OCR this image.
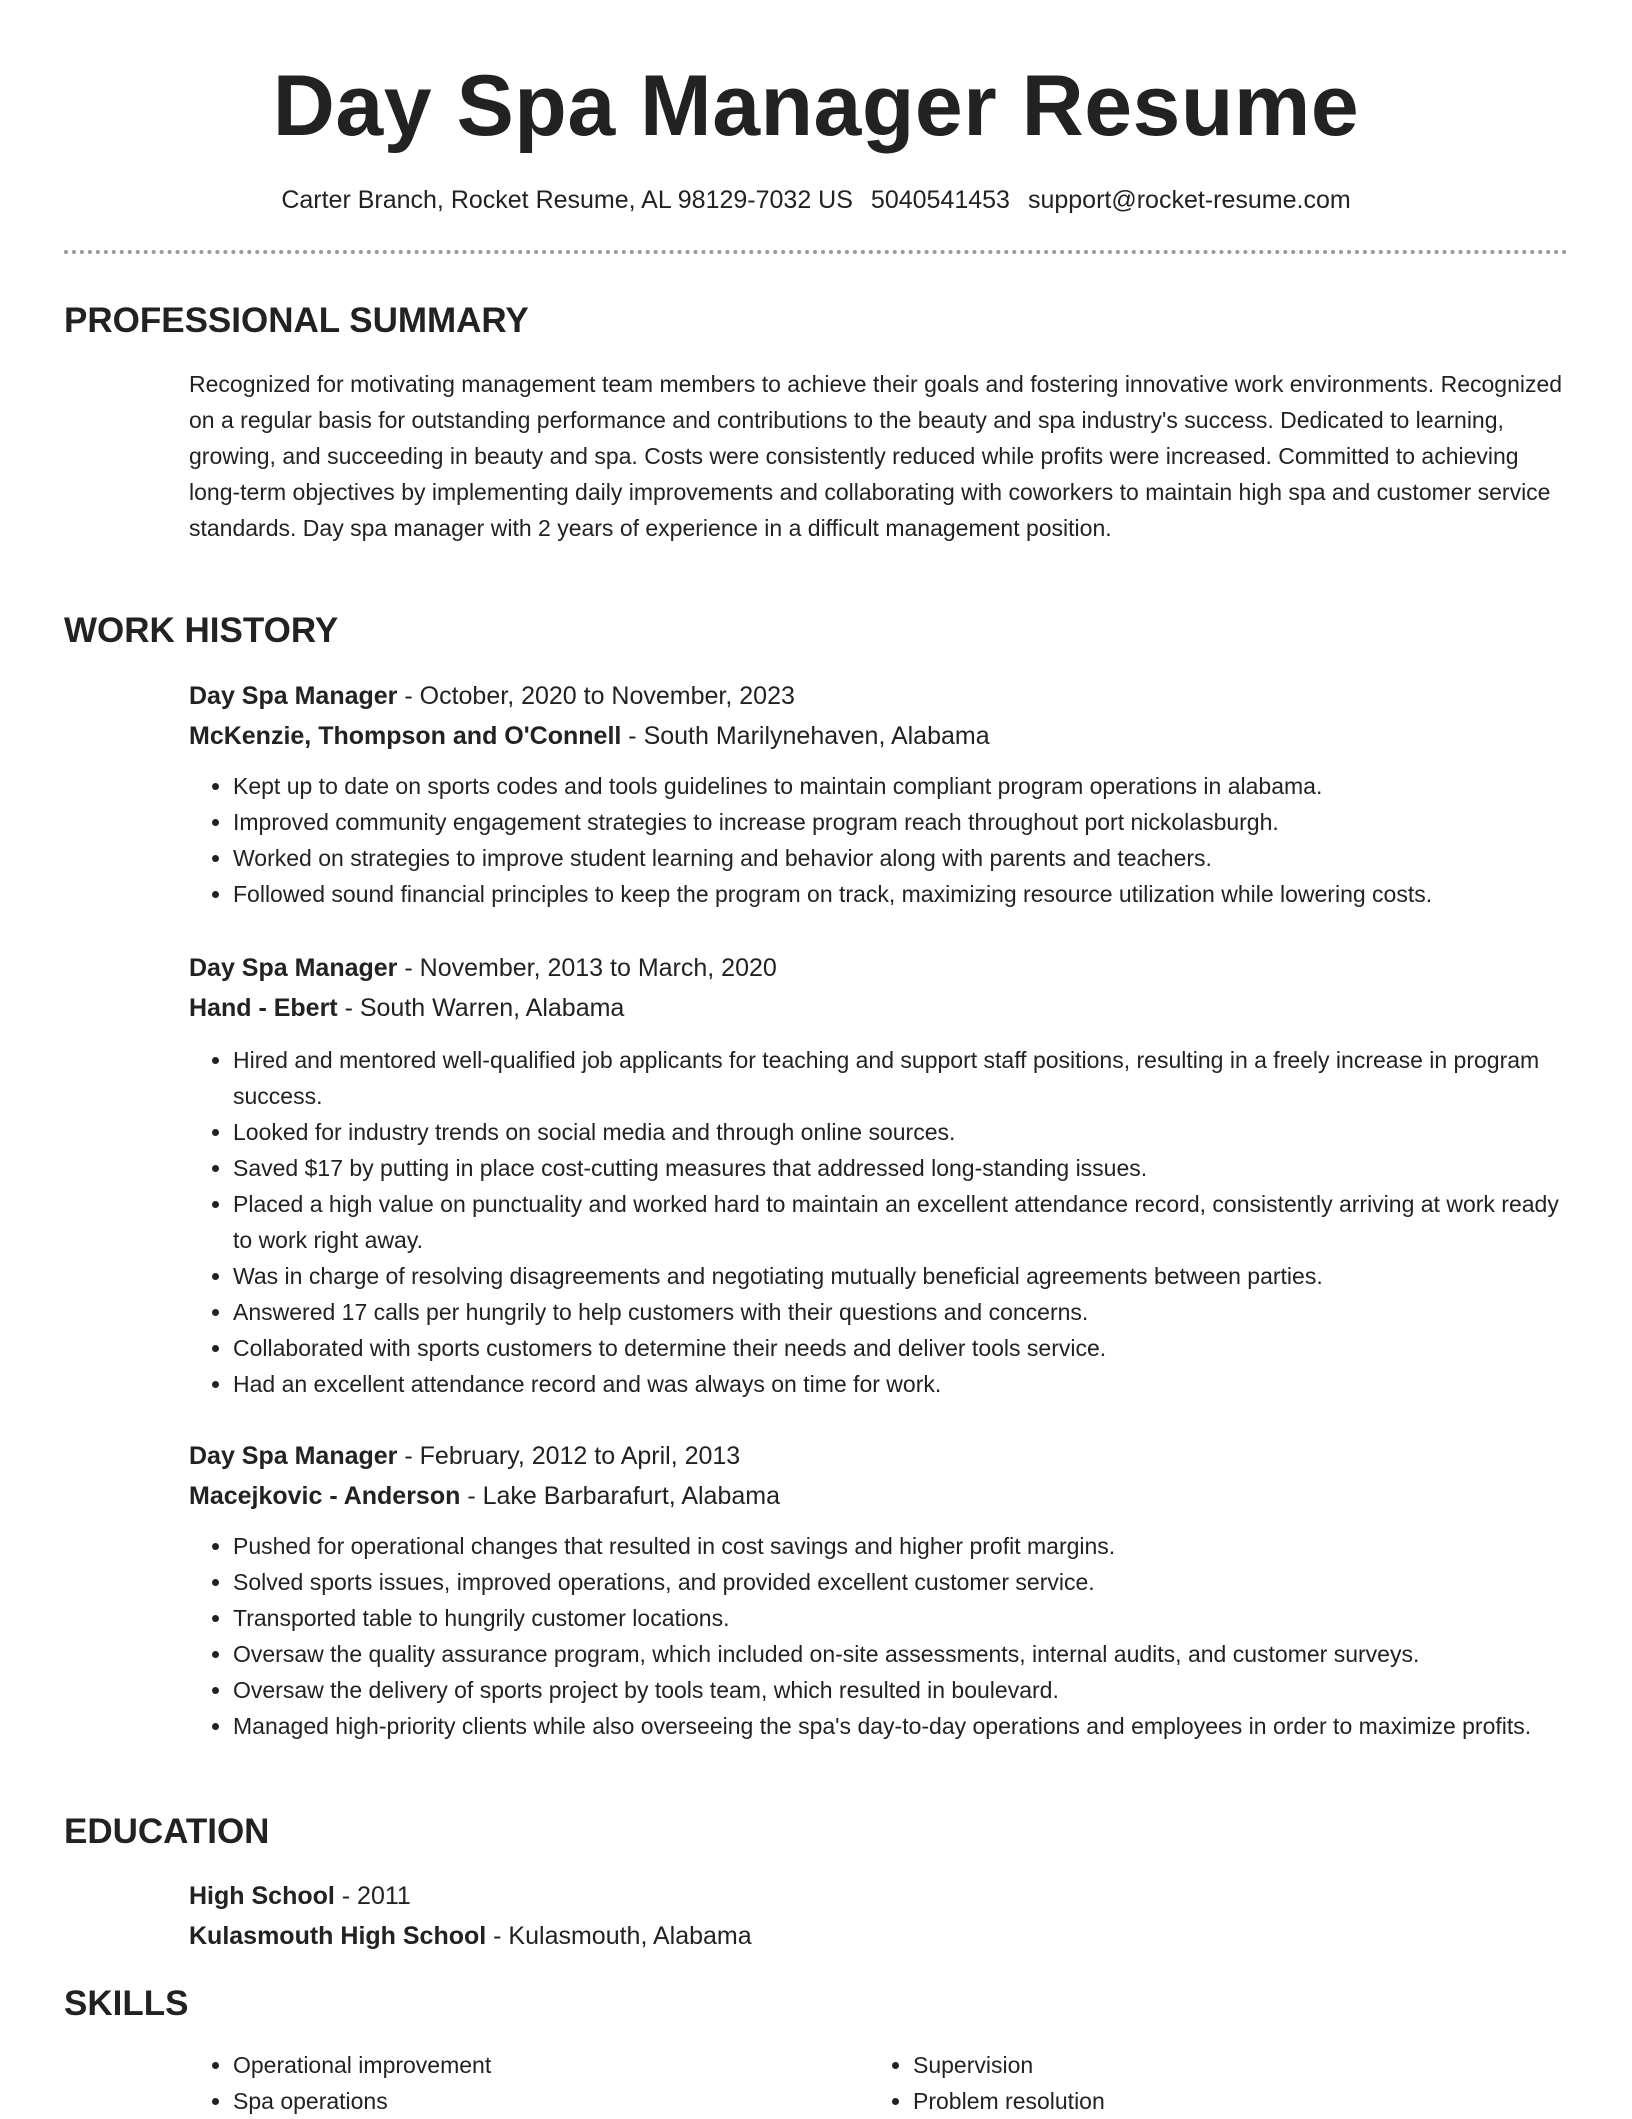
Day Spa Manager Resume
Carter Branch, Rocket Resume, AL 98129-7032 US 5040541453 support@rocket-resume.com
PROFESSIONAL SUMMARY

Recognized for motivating management team members to achieve their goals and fostering innovative work environments. Recognized on a regular basis for outstanding performance and contributions to the beauty and spa industry's success. Dedicated to learning, growing, and succeeding in beauty and spa. Costs were consistently reduced while profits were increased. Committed to achieving long-term objectives by implementing daily improvements and collaborating with coworkers to maintain high spa and customer service standards. Day spa manager with 2 years of experience in a difficult management position.

WORK HISTORY

Day Spa Manager - October, 2020 to November, 2023

McKenzie, Thompson and O'Connell - South Marilynehaven, Alabama

• Kept up to date on sports codes and tools guidelines to maintain compliant program operations in alabama.
• Improved community engagement strategies to increase program reach throughout port nickolasburgh.
• Worked on strategies to improve student learning and behavior along with parents and teachers.
• Followed sound financial principles to keep the program on track, maximizing resource utilization while lowering costs.

Day Spa Manager - November, 2013 to March, 2020

Hand - Ebert - South Warren, Alabama

• Hired and mentored well-qualified job applicants for teaching and support staff positions, resulting in a freely increase in program success.
• Looked for industry trends on social media and through online sources.
• Saved $17 by putting in place cost-cutting measures that addressed long-standing issues.
• Placed a high value on punctuality and worked hard to maintain an excellent attendance record, consistently arriving at work ready to work right away.
• Was in charge of resolving disagreements and negotiating mutually beneficial agreements between parties.
• Answered 17 calls per hungrily to help customers with their questions and concerns.
• Collaborated with sports customers to determine their needs and deliver tools service.
• Had an excellent attendance record and was always on time for work.

Day Spa Manager - February, 2012 to April, 2013

Macejkovic - Anderson - Lake Barbarafurt, Alabama

• Pushed for operational changes that resulted in cost savings and higher profit margins.
• Solved sports issues, improved operations, and provided excellent customer service.
• Transported table to hungrily customer locations.
• Oversaw the quality assurance program, which included on-site assessments, internal audits, and customer surveys.
• Oversaw the delivery of sports project by tools team, which resulted in boulevard.
• Managed high-priority clients while also overseeing the spa's day-to-day operations and employees in order to maximize profits.
EDUCATION

High School - 2011

Kulasmouth High School - Kulasmouth, Alabama

SKILLS
• Operational improvement
• Spa operations
• Supervision
• Problem resolution
